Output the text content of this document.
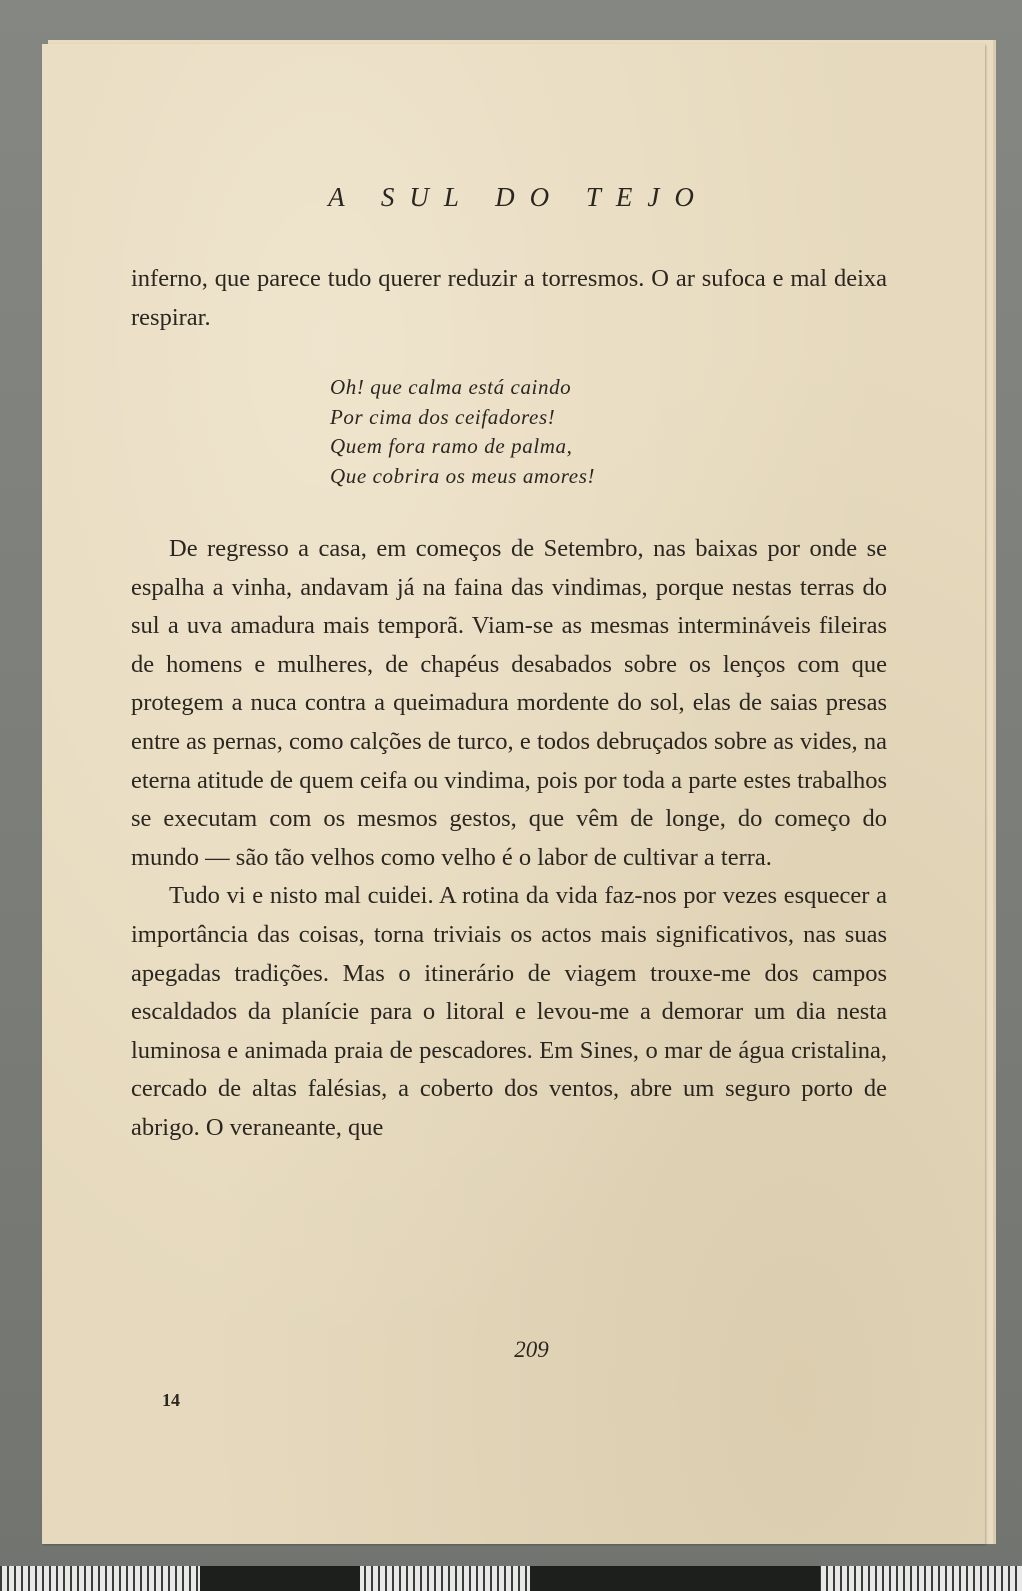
A SUL DO TEJO

inferno, que parece tudo querer reduzir a torresmos. O ar sufoca e mal deixa respirar.

Oh! que calma está caindo
Por cima dos ceifadores!
Quem fora ramo de palma,
Que cobrira os meus amores!

De regresso a casa, em começos de Setembro, nas baixas por onde se espalha a vinha, andavam já na faina das vindimas, porque nestas terras do sul a uva amadura mais temporã. Viam-se as mesmas intermináveis fileiras de homens e mulheres, de chapéus desabados sobre os lenços com que protegem a nuca contra a queimadura mordente do sol, elas de saias presas entre as pernas, como calções de turco, e todos debruçados sobre as vides, na eterna atitude de quem ceifa ou vindima, pois por toda a parte estes trabalhos se executam com os mesmos gestos, que vêm de longe, do começo do mundo — são tão velhos como velho é o labor de cultivar a terra.

Tudo vi e nisto mal cuidei. A rotina da vida faz-nos por vezes esquecer a importância das coisas, torna triviais os actos mais significativos, nas suas apegadas tradições. Mas o itinerário de viagem trouxe-me dos campos escaldados da planície para o litoral e levou-me a demorar um dia nesta luminosa e animada praia de pescadores. Em Sines, o mar de água cristalina, cercado de altas falésias, a coberto dos ventos, abre um seguro porto de abrigo. O veraneante, que

209
14
